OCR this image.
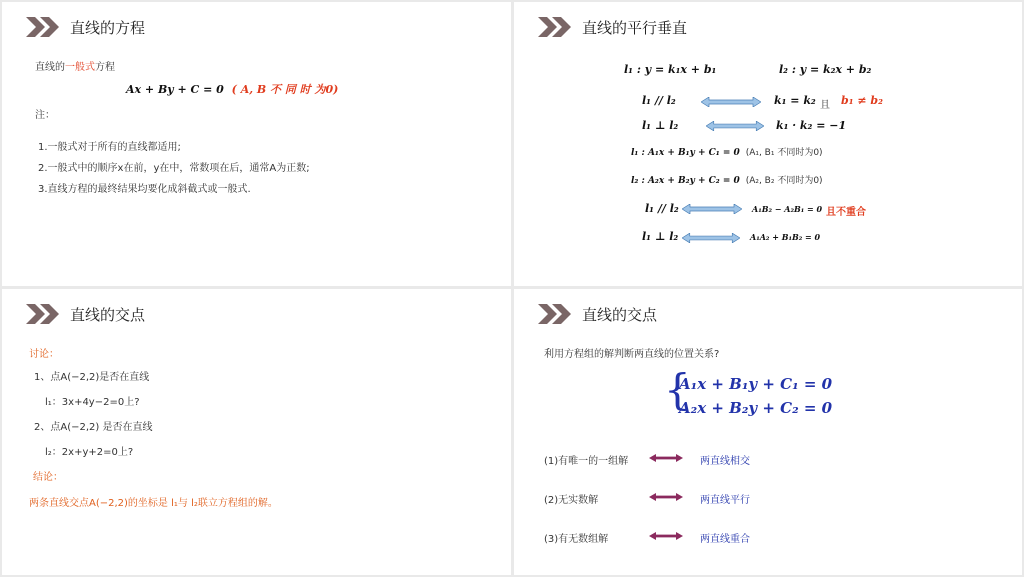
直线的方程
直线的一般式方程
Ax + By + C = 0 ( A, B 不 同 时 为0)
注：
1.一般式对于所有的直线都适用;
2.一般式中的顺序x在前，y在中，常数项在后，通常A为正数;
3.直线方程的最终结果均要化成斜截式或一般式.
直线的平行垂直
l₁ : y = k₁x + b₁	l₂ : y = k₂x + b₂
l₁ // l₂	k₁ = k₂ 且 b₁ ≠ b₂
l₁ ⊥ l₂	k₁ · k₂ = −1
l₁ : A₁x + B₁y + C₁ = 0 (A₁, B₁ 不同时为0)
l₂ : A₂x + B₂y + C₂ = 0 (A₂, B₂ 不同时为0)
l₁ // l₂	A₁B₂ − A₂B₁ = 0 且不重合
l₁ ⊥ l₂	A₁A₂ + B₁B₂ = 0
直线的交点
讨论：
1、点A(−2,2)是否在直线
l₁：3x+4y−2=0上?
2、点A(−2,2) 是否在直线
l₂：2x+y+2=0上?
结论：
两条直线交点A(−2,2)的坐标是 l₁与 l₂联立方程组的解。
直线的交点
利用方程组的解判断两直线的位置关系?
{
A₁x + B₁y + C₁ = 0
A₂x + B₂y + C₂ = 0
(1)有唯一的一组解	两直线相交
(2)无实数解	两直线平行
(3)有无数组解	两直线重合
